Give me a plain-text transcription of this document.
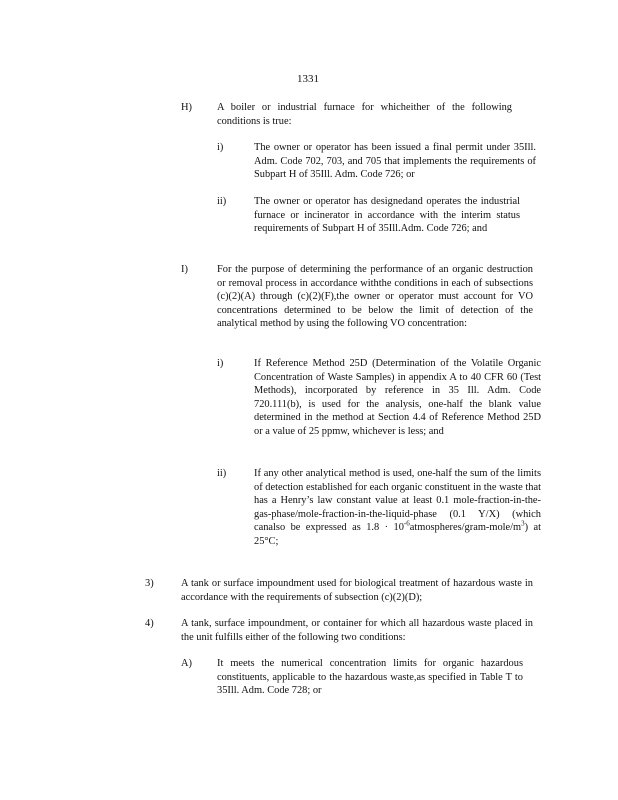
1331
H) A boiler or industrial furnace for whicheither of the following conditions is true:
i)	The owner or operator has been issued a final permit under 35Ill. Adm. Code 702, 703, and 705 that implements the requirements of Subpart H of 35Ill. Adm. Code 726; or
ii)	The owner or operator has designedand operates the industrial furnace or incinerator in accordance with the interim status requirements of Subpart H of 35Ill.Adm. Code 726; and
I)	For the purpose of determining the performance of an organic destruction or removal process in accordance withthe conditions in each of subsections (c)(2)(A) through (c)(2)(F),the owner or operator must account for VO concentrations determined to be below the limit of detection of the analytical method by using the following VO concentration:
i)	If Reference Method 25D (Determination of the Volatile Organic Concentration of Waste Samples) in appendix A to 40 CFR 60 (Test Methods), incorporated by reference in 35 Ill. Adm. Code 720.111(b), is used for the analysis, one-half the blank value determined in the method at Section 4.4 of Reference Method 25D or a value of 25 ppmw, whichever is less; and
ii)	If any other analytical method is used, one-half the sum of the limits of detection established for each organic constituent in the waste that has a Henry’s law constant value at least 0.1 mole-fraction-in-the-gas-phase/mole-fraction-in-the-liquid-phase (0.1 Y/X) (which canalso be expressed as $1.8 \cdot 10^{-6}atmospheres/gram-mole/m^3$) at 25°C;
3)	A tank or surface impoundment used for biological treatment of hazardous waste in accordance with the requirements of subsection (c)(2)(D);
4)	A tank, surface impoundment, or container for which all hazardous waste placed in the unit fulfills either of the following two conditions:
A) It meets the numerical concentration limits for organic hazardous constituents, applicable to the hazardous waste,as specified in Table T to 35Ill. Adm. Code 728; or
